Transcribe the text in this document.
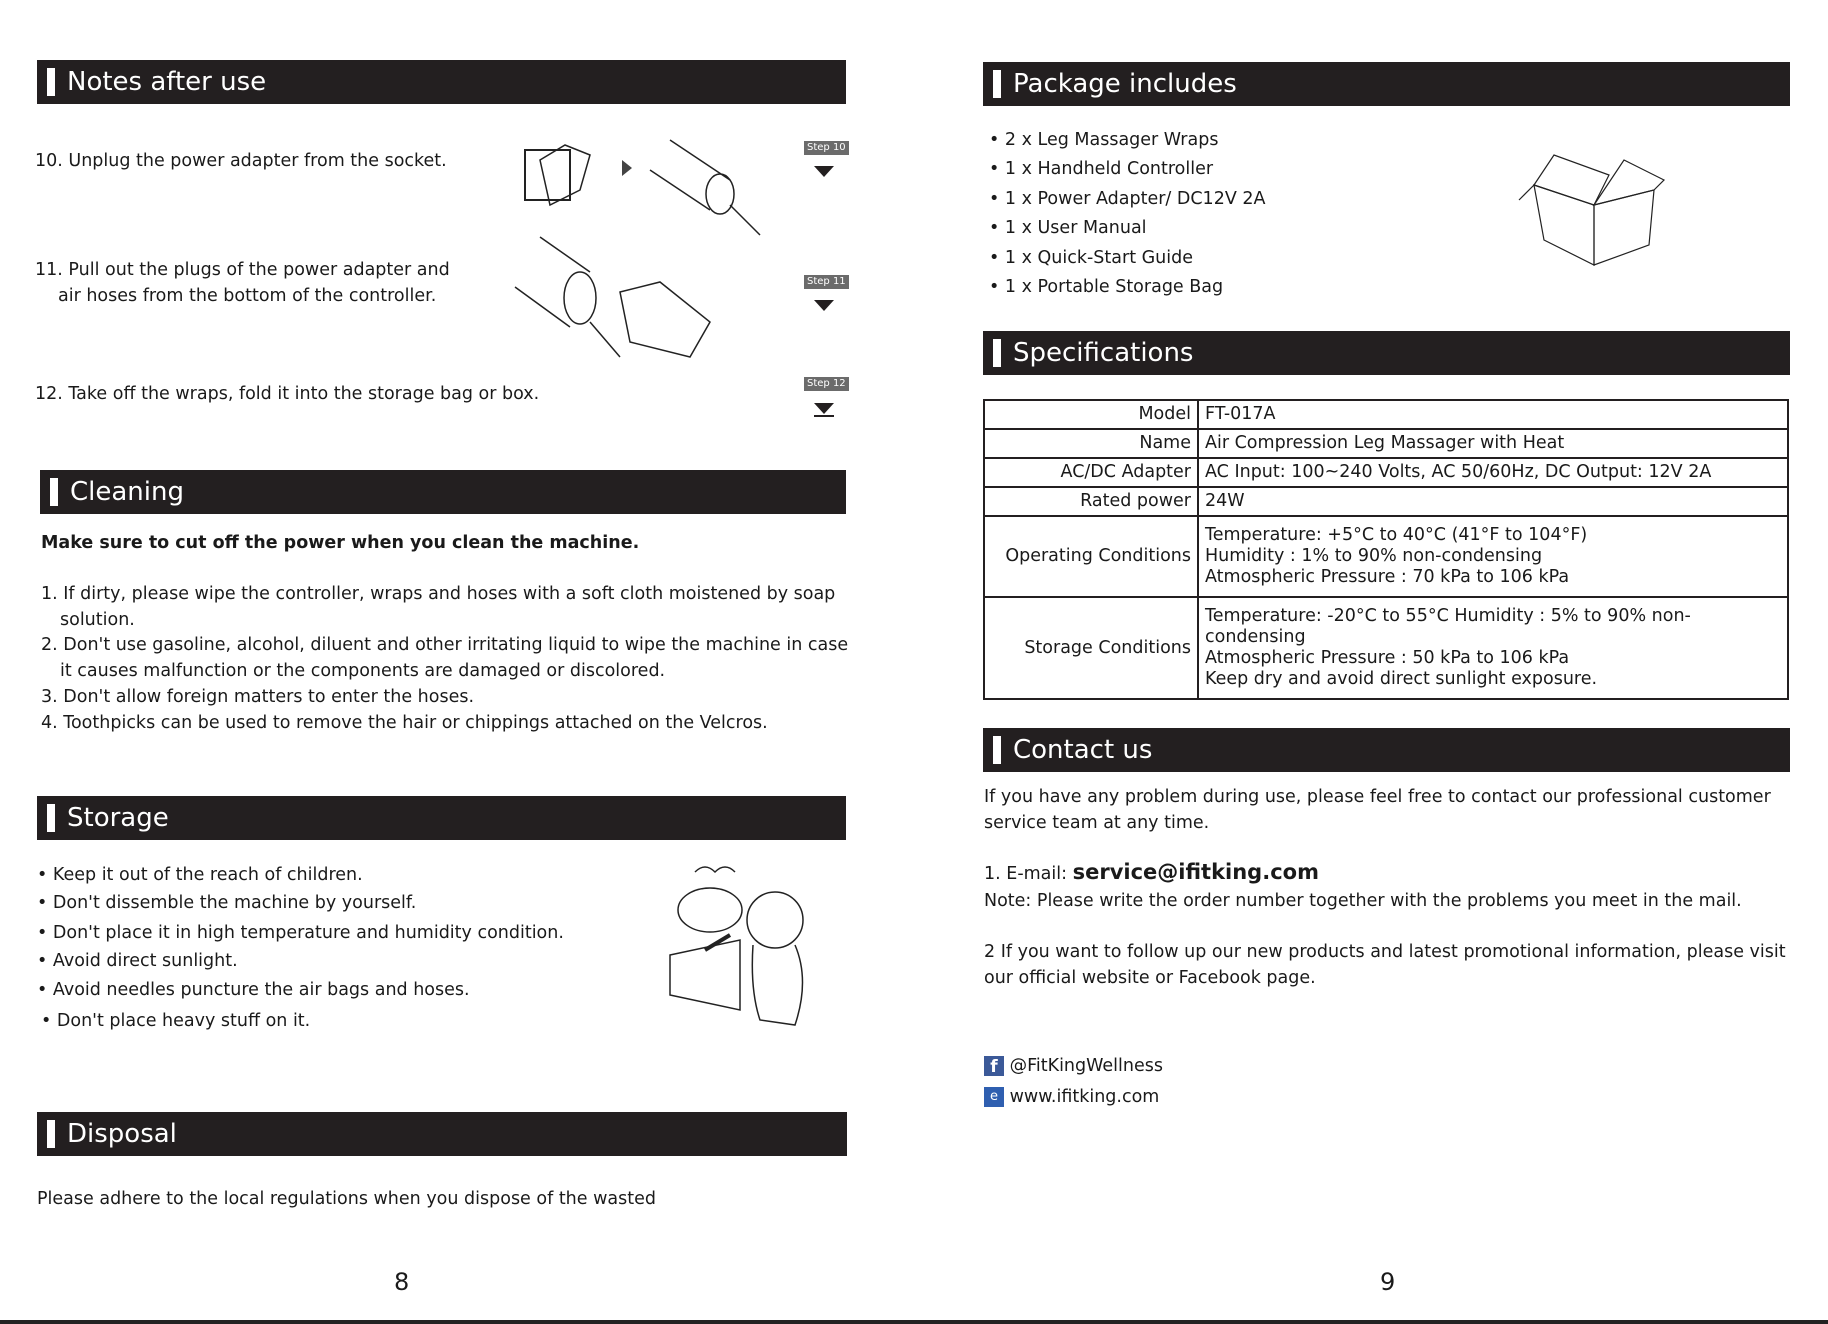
Notes after use
10. Unplug the power adapter from the socket.
11. Pull out the plugs of the power adapter and
air hoses from the bottom of the controller.
12. Take off the wraps, fold it into the storage bag or box.
Step 10
Step 11
Step 12
Cleaning
Make sure to cut off the power when you clean the machine.
1. If dirty, please wipe the controller, wraps and hoses with a soft cloth moistened by soap
solution.
2. Don't use gasoline, alcohol, diluent and other irritating liquid to wipe the machine in case
it causes malfunction or the components are damaged or discolored.
3. Don't allow foreign matters to enter the hoses.
4. Toothpicks can be used to remove the hair or chippings attached on the Velcros.
Storage
• Keep it out of the reach of children.
• Don't dissemble the machine by yourself.
• Don't place it in high temperature and humidity condition.
• Avoid direct sunlight.
• Avoid needles puncture the air bags and hoses.
• Don't place heavy stuff on it.
Disposal
Please adhere to the local regulations when you dispose of the wasted
8
Package includes
• 2 x Leg Massager Wraps
• 1 x Handheld Controller
• 1 x Power Adapter/ DC12V 2A
• 1 x User Manual
• 1 x Quick-Start Guide
• 1 x Portable Storage Bag
Specifications
Model	FT-017A
Name	Air Compression Leg Massager with Heat
AC/DC Adapter	AC Input: 100~240 Volts, AC 50/60Hz, DC Output: 12V 2A
Rated power	24W
Operating Conditions	Temperature: +5°C to 40°C (41°F to 104°F)
Humidity : 1% to 90% non-condensing
Atmospheric Pressure : 70 kPa to 106 kPa

Storage Conditions	Temperature: -20°C to 55°C Humidity : 5% to 90% non-condensing
Atmospheric Pressure : 50 kPa to 106 kPa
Keep dry and avoid direct sunlight exposure.
Contact us
If you have any problem during use, please feel free to contact our professional customer
service team at any time.
1. E-mail: service@ifitking.com
Note: Please write the order number together with the problems you meet in the mail.
2 If you want to follow up our new products and latest promotional information, please visit
our official website or Facebook page.
f @FitKingWellness
e www.ifitking.com
9
